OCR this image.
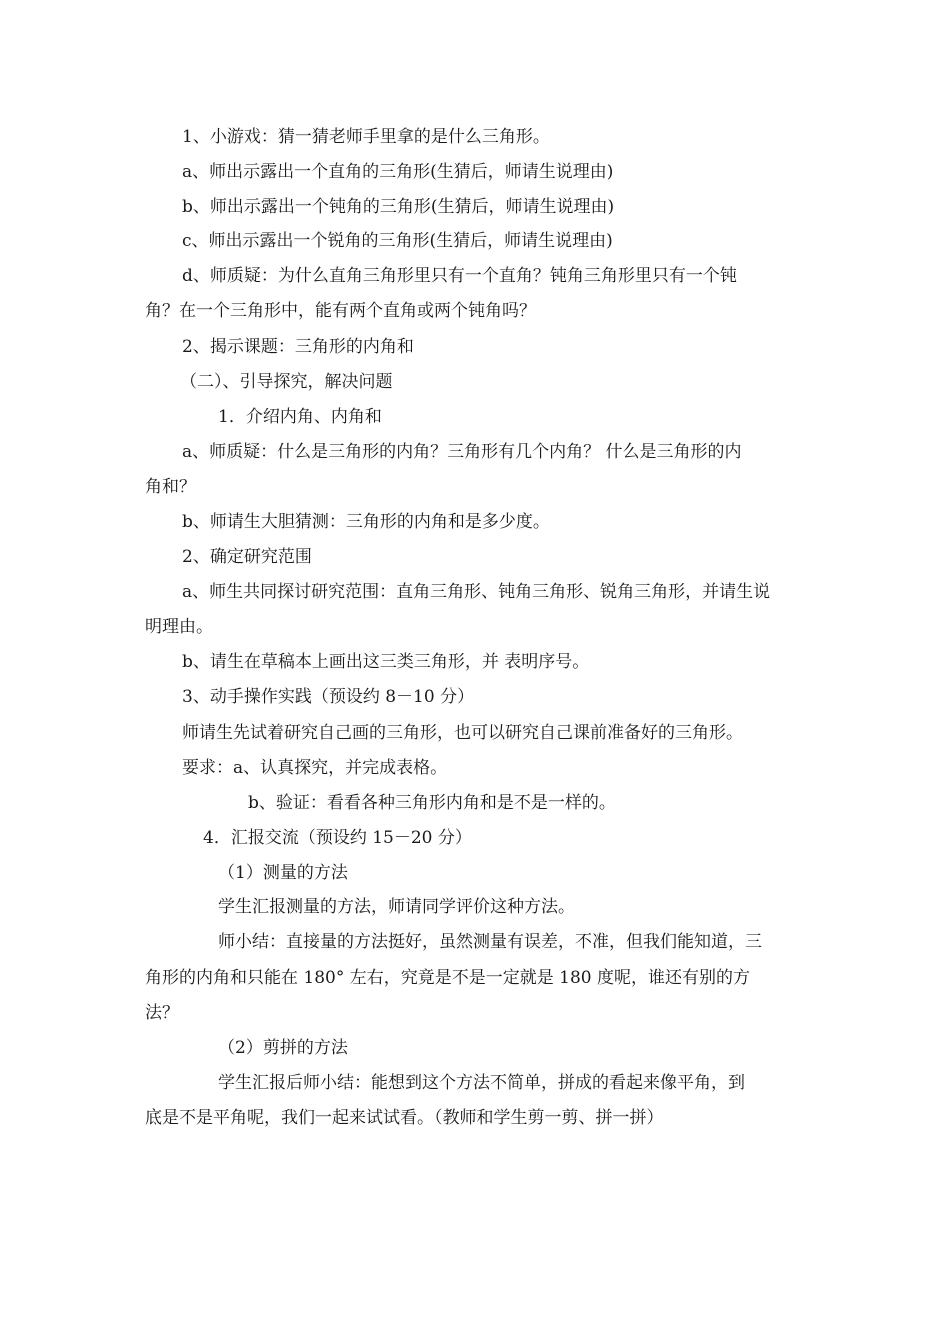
1、小游戏：猜一猜老师手里拿的是什么三角形。
a、师出示露出一个直角的三角形(生猜后，师请生说理由)
b、师出示露出一个钝角的三角形(生猜后，师请生说理由)
c、师出示露出一个锐角的三角形(生猜后，师请生说理由)
d、师质疑：为什么直角三角形里只有一个直角？钝角三角形里只有一个钝
角？在一个三角形中，能有两个直角或两个钝角吗？
2、揭示课题：三角形的内角和
（二）、引导探究，解决问题
1．介绍内角、内角和
a、师质疑：什么是三角形的内角？三角形有几个内角？ 什么是三角形的内
角和？
b、师请生大胆猜测：三角形的内角和是多少度。
2、确定研究范围
a、师生共同探讨研究范围：直角三角形、钝角三角形、锐角三角形，并请生说
明理由。
b、请生在草稿本上画出这三类三角形，并 表明序号。
3、动手操作实践（预设约 8－10 分）
师请生先试着研究自己画的三角形，也可以研究自己课前准备好的三角形。
要求：a、认真探究，并完成表格。
b、验证：看看各种三角形内角和是不是一样的。
4．汇报交流（预设约 15－20 分）
（1）测量的方法
学生汇报测量的方法，师请同学评价这种方法。
师小结：直接量的方法挺好，虽然测量有误差，不准，但我们能知道，三
角形的内角和只能在 180° 左右，究竟是不是一定就是 180 度呢，谁还有别的方
法？
（2）剪拼的方法
学生汇报后师小结：能想到这个方法不简单，拼成的看起来像平角，到
底是不是平角呢，我们一起来试试看。（教师和学生剪一剪、拼一拼）
